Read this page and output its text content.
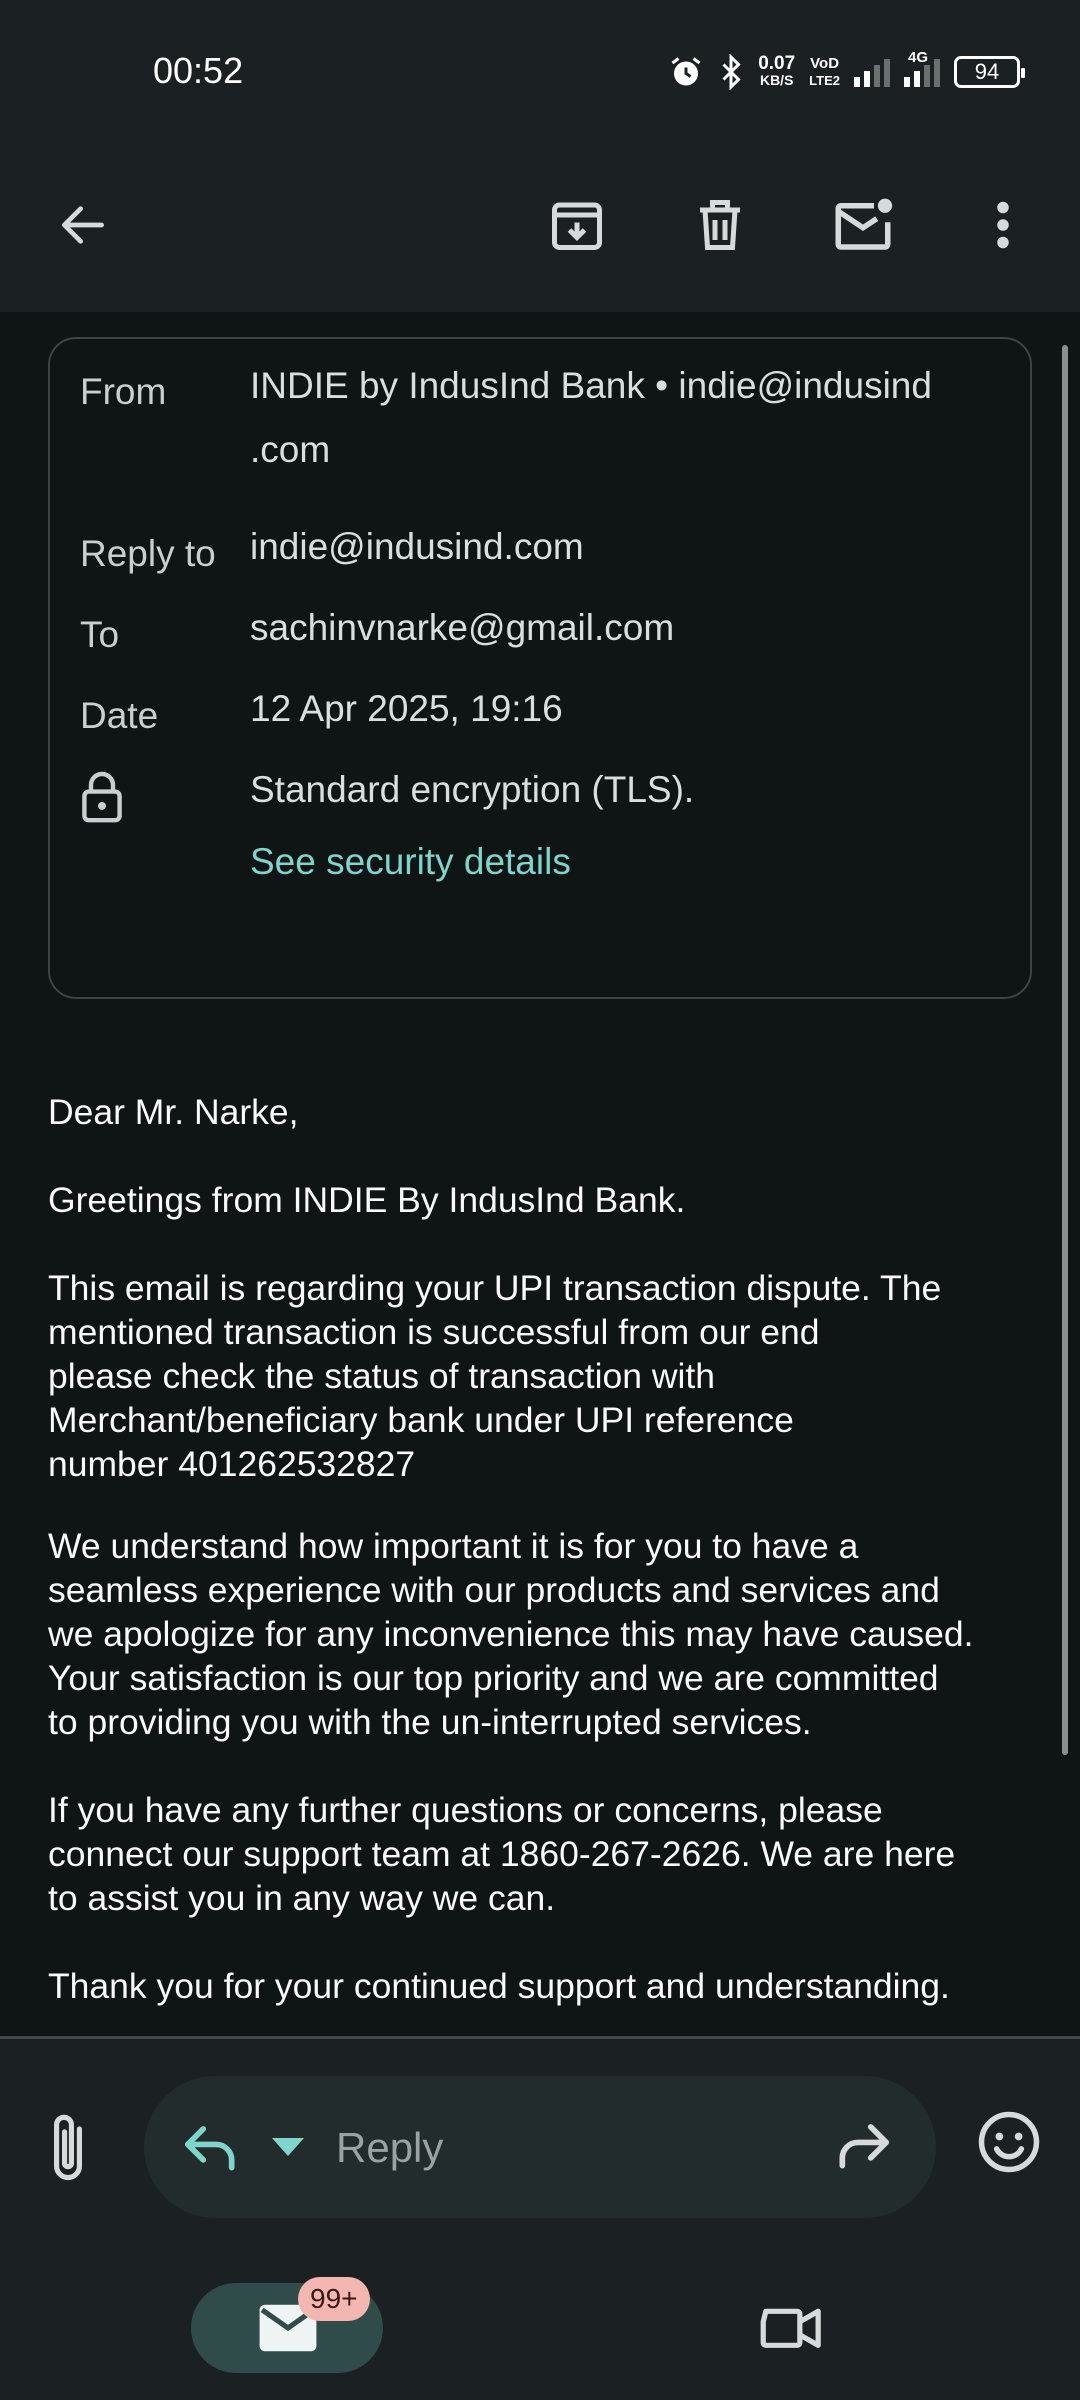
00:52	0.07
KB/S
VoD
LTE2
4G
94
From INDIE by IndusInd Bank • indie@indusind
.com
Reply to indie@indusind.com
To	sachinvnarke@gmail.com
Date 12 Apr 2025, 19:16
Standard encryption (TLS).
See security details

Dear Mr. Narke,

Greetings from INDIE By IndusInd Bank.

This email is regarding your UPI transaction dispute. The
mentioned transaction is successful from our end
please check the status of transaction with
Merchant/beneficiary bank under UPI reference
number 401262532827

We understand how important it is for you to have a
seamless experience with our products and services and
we apologize for any inconvenience this may have caused.
Your satisfaction is our top priority and we are committed
to providing you with the un-interrupted services.

If you have any further questions or concerns, please
connect our support team at 1860-267-2626. We are here
to assist you in any way we can.

Thank you for your continued support and understanding.

Reply
99+
